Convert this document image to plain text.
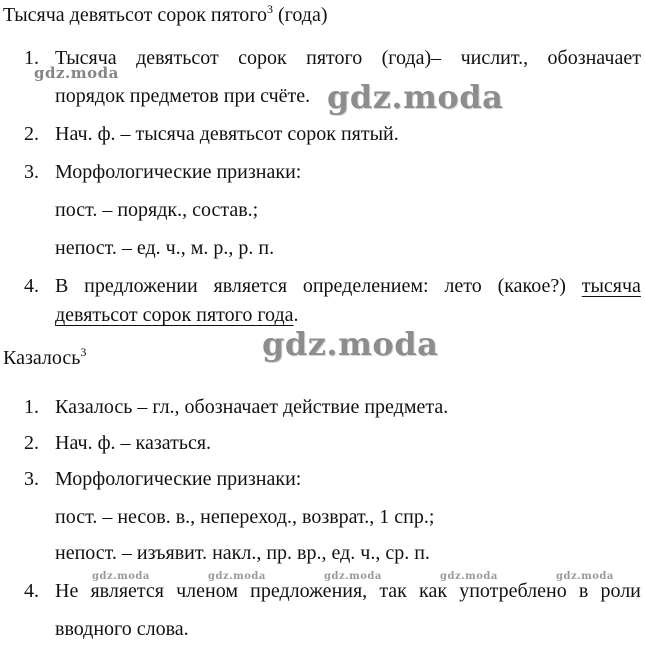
Тысяча девятьсот сорок пятого$^3$ (года)
1. Тысяча девятьсот сорок пятого (года)– числит., обозначает
порядок предметов при счёте.
2. Нач. ф. – тысяча девятьсот сорок пятый.
3. Морфологические признаки:
пост. – порядк., состав.;
непост. – ед. ч., м. р., р. п.
4. В предложении является определением: лето (какое?) тысяча
девятьсот сорок пятого года.
Казалось$^3$
1. Казалось – гл., обозначает действие предмета.
2. Нач. ф. – казаться.
3. Морфологические признаки:
пост. – несов. в., неперeход., возврат., 1 спр.;
непост. – изъявит. накл., пр. вр., ед. ч., ср. п.
4. Не является членом предложения, так как употреблено в роли
вводного слова.
gdz.moda
gdz.moda
gdz.moda
gdz.moda	gdz.moda	gdz.moda	gdz.moda	gdz.moda
